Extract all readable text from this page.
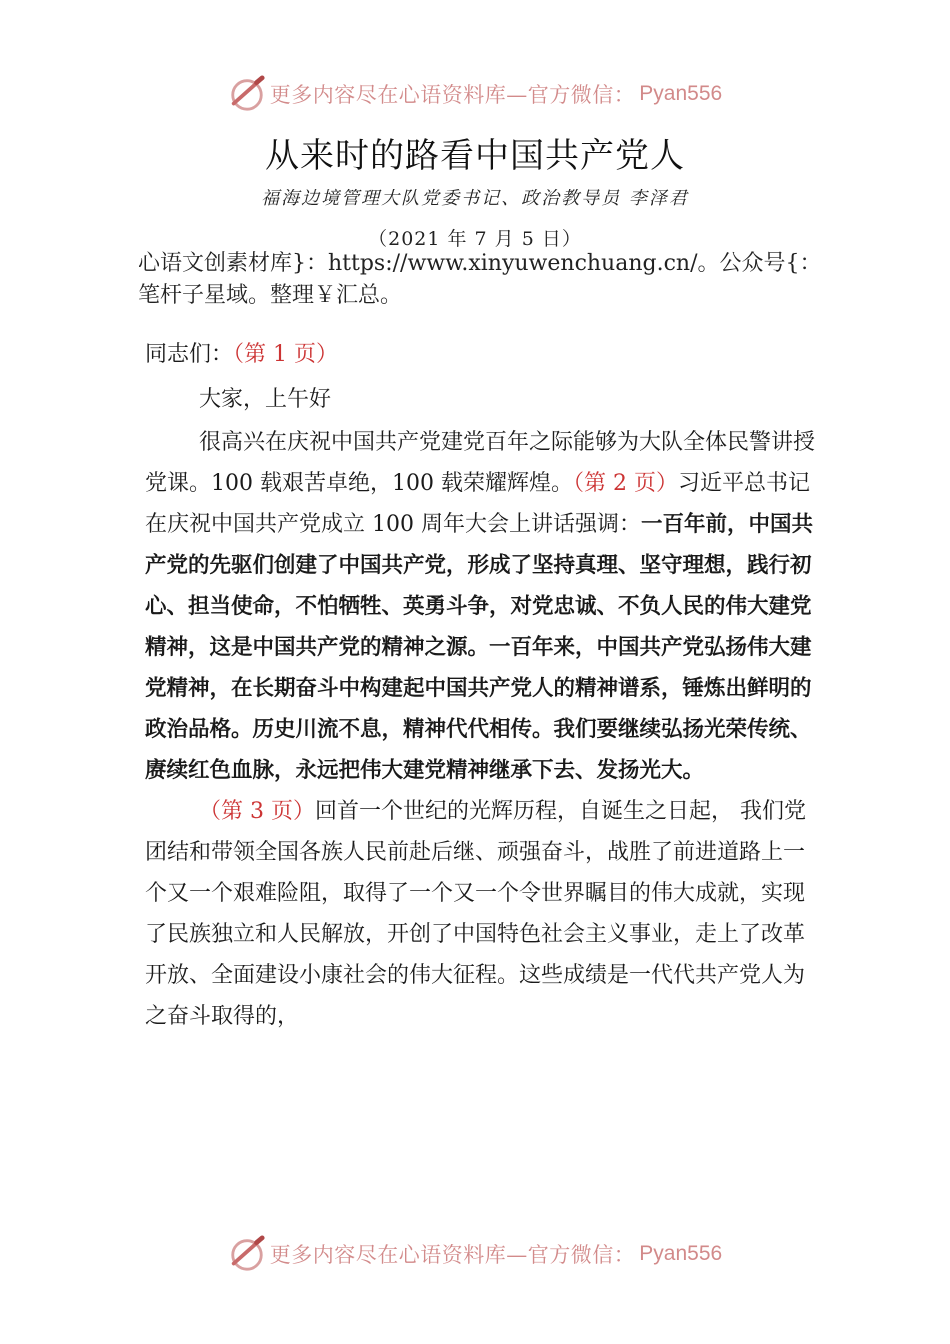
更多内容尽在心语资料库—官方微信： Pyan556
从来时的路看中国共产党人
福海边境管理大队党委书记、政治教导员 李泽君
（2021 年 7 月 5 日）
心语文创素材库}：https://www.xinyuwenchuang.cn/。公众号{：笔杆子星域。整理￥汇总。

同志们：（第 1 页）

大家，上午好

很高兴在庆祝中国共产党建党百年之际能够为大队全体民警讲授党课。100 载艰苦卓绝，100 载荣耀辉煌。（第 2 页）习近平总书记在庆祝中国共产党成立 100 周年大会上讲话强调：一百年前，中国共产党的先驱们创建了中国共产党，形成了坚持真理、坚守理想，践行初心、担当使命，不怕牺牲、英勇斗争，对党忠诚、不负人民的伟大建党精神，这是中国共产党的精神之源。一百年来，中国共产党弘扬伟大建党精神，在长期奋斗中构建起中国共产党人的精神谱系，锤炼出鲜明的政治品格。历史川流不息，精神代代相传。我们要继续弘扬光荣传统、赓续红色血脉，永远把伟大建党精神继承下去、发扬光大。

（第 3 页）回首一个世纪的光辉历程，自诞生之日起， 我们党团结和带领全国各族人民前赴后继、顽强奋斗，战胜了前进道路上一个又一个艰难险阻，取得了一个又一个令世界瞩目的伟大成就，实现了民族独立和人民解放，开创了中国特色社会主义事业，走上了改革开放、全面建设小康社会的伟大征程。这些成绩是一代代共产党人为之奋斗取得的，

更多内容尽在心语资料库—官方微信： Pyan556
